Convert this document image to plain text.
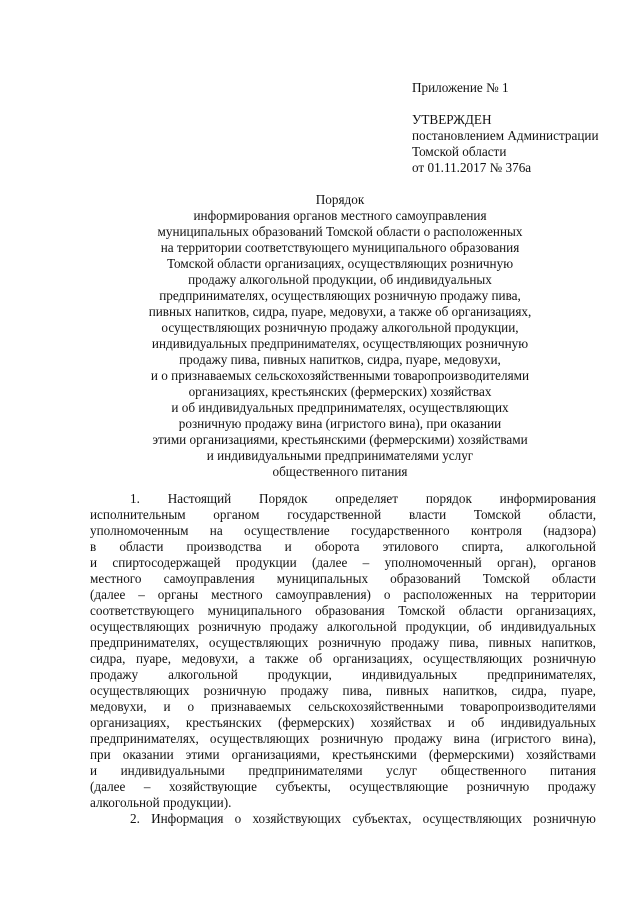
Приложение № 1
УТВЕРЖДЕН
постановлением Администрации
Томской области
от 01.11.2017 № 376а
Порядок
информирования органов местного самоуправления
муниципальных образований Томской области о расположенных
на территории соответствующего муниципального образования
Томской области организациях, осуществляющих розничную
продажу алкогольной продукции, об индивидуальных
предпринимателях, осуществляющих розничную продажу пива,
пивных напитков, сидра, пуаре, медовухи, а также об организациях,
осуществляющих розничную продажу алкогольной продукции,
индивидуальных предпринимателях, осуществляющих розничную
продажу пива, пивных напитков, сидра, пуаре, медовухи,
и о признаваемых сельскохозяйственными товаропроизводителями
организациях, крестьянских (фермерских) хозяйствах
и об индивидуальных предпринимателях, осуществляющих
розничную продажу вина (игристого вина), при оказании
этими организациями, крестьянскими (фермерскими) хозяйствами
и индивидуальными предпринимателями услуг
общественного питания
1. Настоящий Порядок определяет порядок информирования
исполнительным органом государственной власти Томской области,
уполномоченным на осуществление государственного контроля (надзора)
в области производства и оборота этилового спирта, алкогольной
и спиртосодержащей продукции (далее – уполномоченный орган), органов
местного самоуправления муниципальных образований Томской области
(далее – органы местного самоуправления) о расположенных на территории
соответствующего муниципального образования Томской области организациях,
осуществляющих розничную продажу алкогольной продукции, об индивидуальных
предпринимателях, осуществляющих розничную продажу пива, пивных напитков,
сидра, пуаре, медовухи, а также об организациях, осуществляющих розничную
продажу алкогольной продукции, индивидуальных предпринимателях,
осуществляющих розничную продажу пива, пивных напитков, сидра, пуаре,
медовухи, и о признаваемых сельскохозяйственными товаропроизводителями
организациях, крестьянских (фермерских) хозяйствах и об индивидуальных
предпринимателях, осуществляющих розничную продажу вина (игристого вина),
при оказании этими организациями, крестьянскими (фермерскими) хозяйствами
и индивидуальными предпринимателями услуг общественного питания
(далее – хозяйствующие субъекты, осуществляющие розничную продажу
алкогольной продукции).
2. Информация о хозяйствующих субъектах, осуществляющих розничную
